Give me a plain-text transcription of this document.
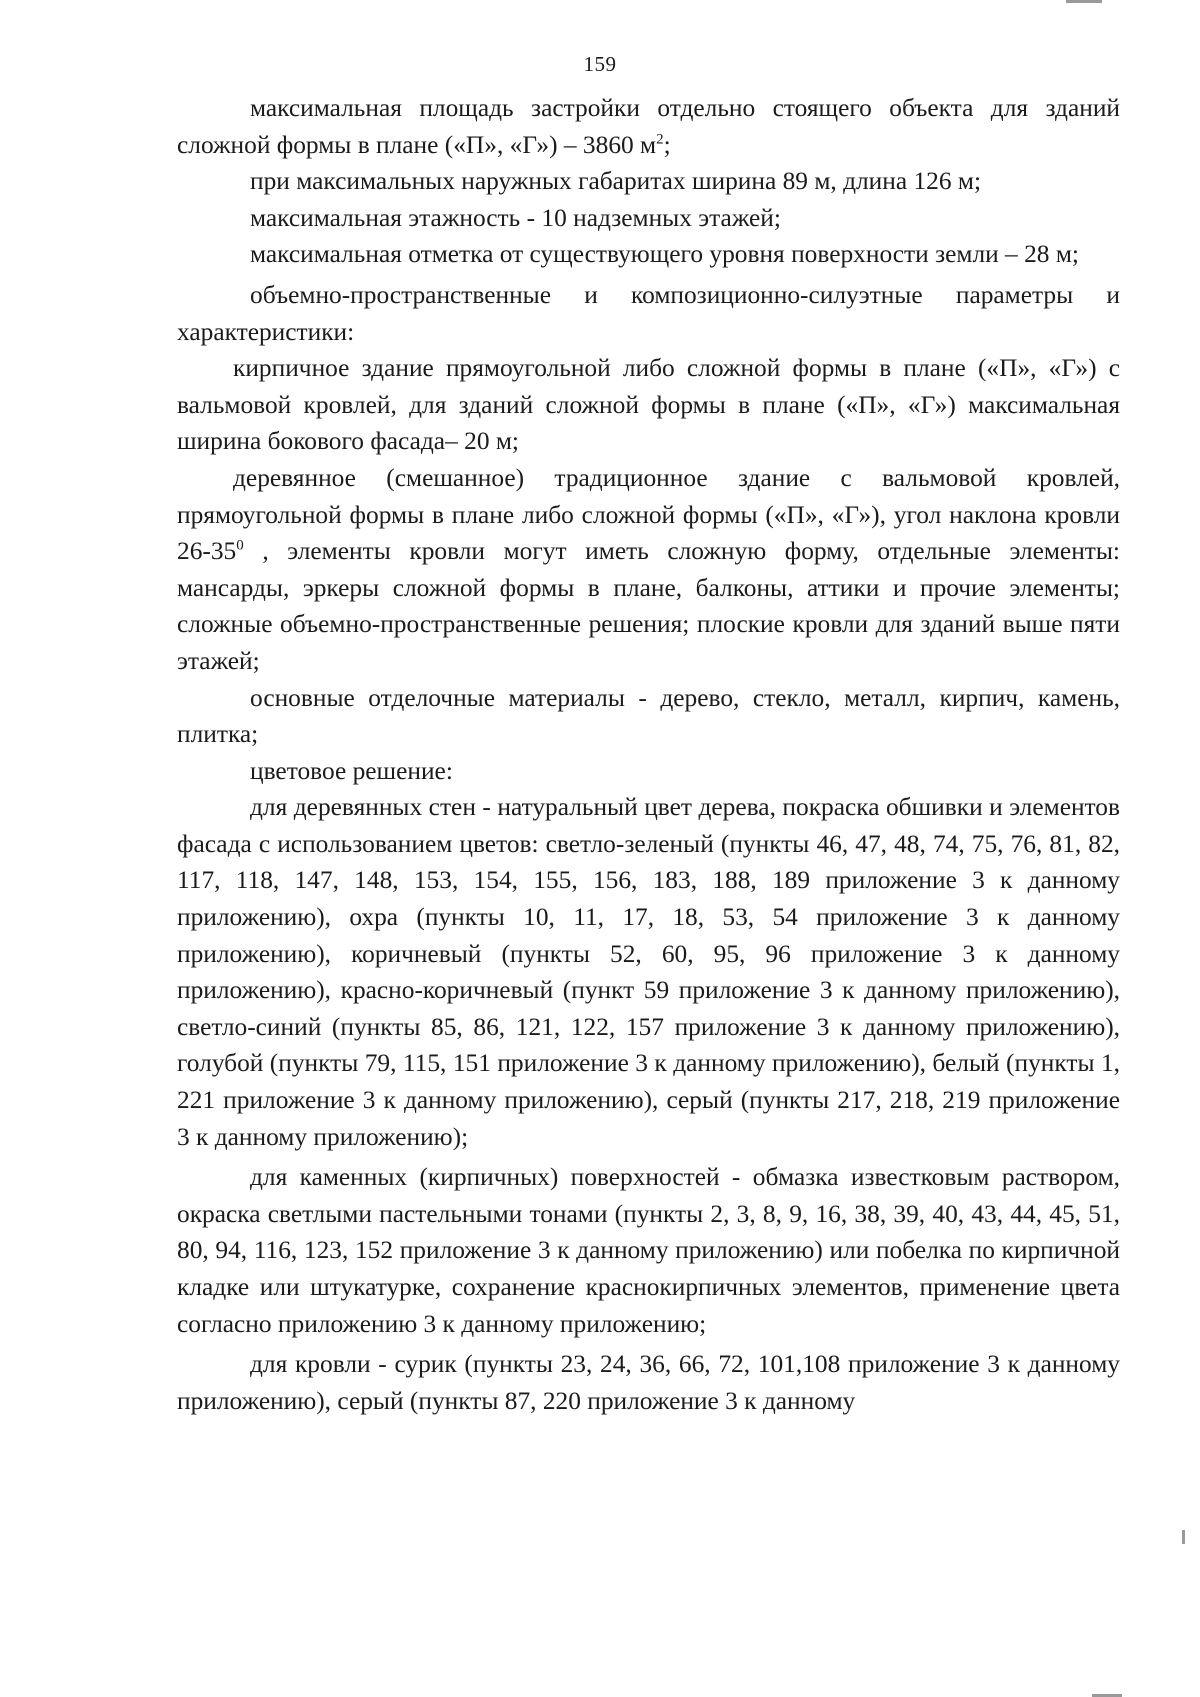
159

максимальная площадь застройки отдельно стоящего объекта для зданий сложной формы в плане («П», «Г») – 3860 $м^2$;

при максимальных наружных габаритах ширина 89 м, длина 126 м;

максимальная этажность - 10 надземных этажей;

максимальная отметка от существующего уровня поверхности земли – 28 м;

объемно-пространственные и композиционно-силуэтные параметры и характеристики:

кирпичное здание прямоугольной либо сложной формы в плане («П», «Г») с вальмовой кровлей, для зданий сложной формы в плане («П», «Г») максимальная ширина бокового фасада– 20 м;

деревянное (смешанное) традиционное здание с вальмовой кровлей, прямоугольной формы в плане либо сложной формы («П», «Г»), угол наклона кровли $26-35^0$ , элементы кровли могут иметь сложную форму, отдельные элементы: мансарды, эркеры сложной формы в плане, балконы, аттики и прочие элементы; сложные объемно-пространственные решения; плоские кровли для зданий выше пяти этажей;

основные отделочные материалы - дерево, стекло, металл, кирпич, камень, плитка;

цветовое решение:

для деревянных стен - натуральный цвет дерева, покраска обшивки и элементов фасада с использованием цветов: светло-зеленый (пункты 46, 47, 48, 74, 75, 76, 81, 82, 117, 118, 147, 148, 153, 154, 155, 156, 183, 188, 189 приложение 3 к данному приложению), охра (пункты 10, 11, 17, 18, 53, 54 приложение 3 к данному приложению), коричневый (пункты 52, 60, 95, 96 приложение 3 к данному приложению), красно-коричневый (пункт 59 приложение 3 к данному приложению), светло-синий (пункты 85, 86, 121, 122, 157 приложение 3 к данному приложению), голубой (пункты 79, 115, 151 приложение 3 к данному приложению), белый (пункты 1, 221 приложение 3 к данному приложению), серый (пункты 217, 218, 219 приложение 3 к данному приложению);

для каменных (кирпичных) поверхностей - обмазка известковым раствором, окраска светлыми пастельными тонами (пункты 2, 3, 8, 9, 16, 38, 39, 40, 43, 44, 45, 51, 80, 94, 116, 123, 152 приложение 3 к данному приложению) или побелка по кирпичной кладке или штукатурке, сохранение краснокирпичных элементов, применение цвета согласно приложению 3 к данному приложению;

для кровли - сурик (пункты 23, 24, 36, 66, 72, 101,108 приложение 3 к данному приложению), серый (пункты 87, 220 приложение 3 к данному
